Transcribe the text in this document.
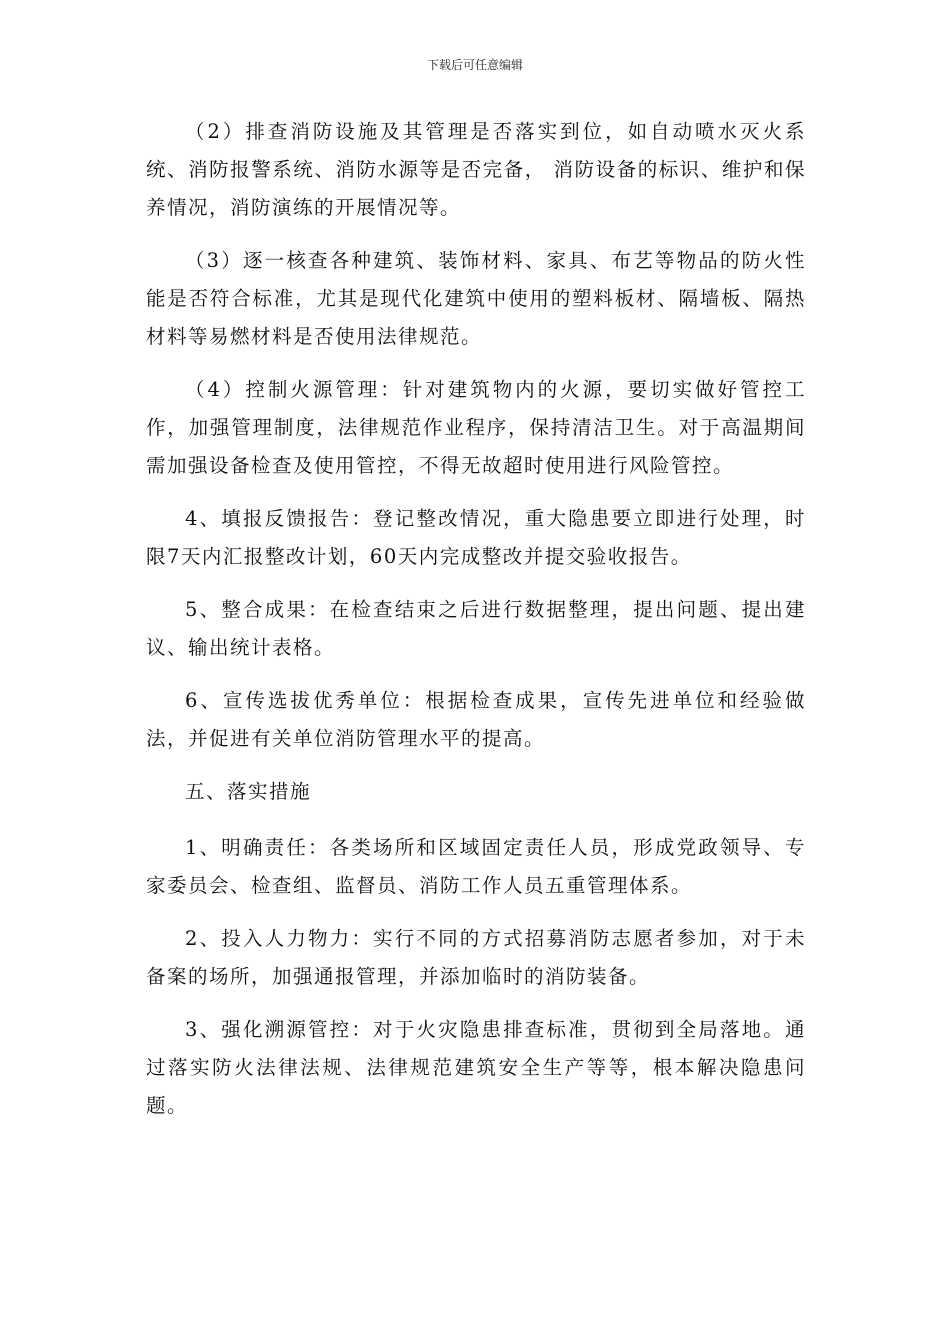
下载后可任意编辑

（2）排查消防设施及其管理是否落实到位，如自动喷水灭火系统、消防报警系统、消防水源等是否完备， 消防设备的标识、维护和保养情况，消防演练的开展情况等。

（3）逐一核查各种建筑、装饰材料、家具、布艺等物品的防火性能是否符合标准，尤其是现代化建筑中使用的塑料板材、隔墙板、隔热材料等易燃材料是否使用法律规范。

（4）控制火源管理：针对建筑物内的火源，要切实做好管控工作，加强管理制度，法律规范作业程序，保持清洁卫生。对于高温期间需加强设备检查及使用管控，不得无故超时使用进行风险管控。

4、填报反馈报告：登记整改情况，重大隐患要立即进行处理，时限7天内汇报整改计划，60天内完成整改并提交验收报告。

5、整合成果：在检查结束之后进行数据整理，提出问题、提出建议、输出统计表格。

6、宣传选拔优秀单位：根据检查成果，宣传先进单位和经验做法，并促进有关单位消防管理水平的提高。

五、落实措施

1、明确责任：各类场所和区域固定责任人员，形成党政领导、专家委员会、检查组、监督员、消防工作人员五重管理体系。

2、投入人力物力：实行不同的方式招募消防志愿者参加，对于未备案的场所，加强通报管理，并添加临时的消防装备。

3、强化溯源管控：对于火灾隐患排查标准，贯彻到全局落地。通过落实防火法律法规、法律规范建筑安全生产等等，根本解决隐患问题。
